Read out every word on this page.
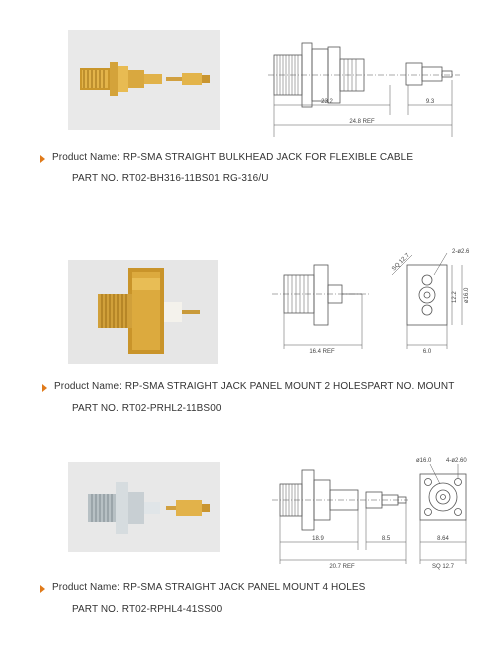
23.2	9.3
24.8 REF
Product Name: RP-SMA STRAIGHT BULKHEAD JACK FOR FLEXIBLE CABLE
PART NO. RT02-BH316-11BS01 RG-316/U
16.4 REF	6.0
2-ø2.6
SQ 12.7
12.2 ø16.0
Product Name: RP-SMA STRAIGHT JACK PANEL MOUNT 2 HOLESPART NO. MOUNT
PART NO. RT02-PRHL2-11BS00
18.9	8.5
20.7 REF
ø16.0 4-ø2.60
8.64
SQ 12.7
Product Name: RP-SMA STRAIGHT JACK PANEL MOUNT 4 HOLES
PART NO. RT02-RPHL4-41SS00
